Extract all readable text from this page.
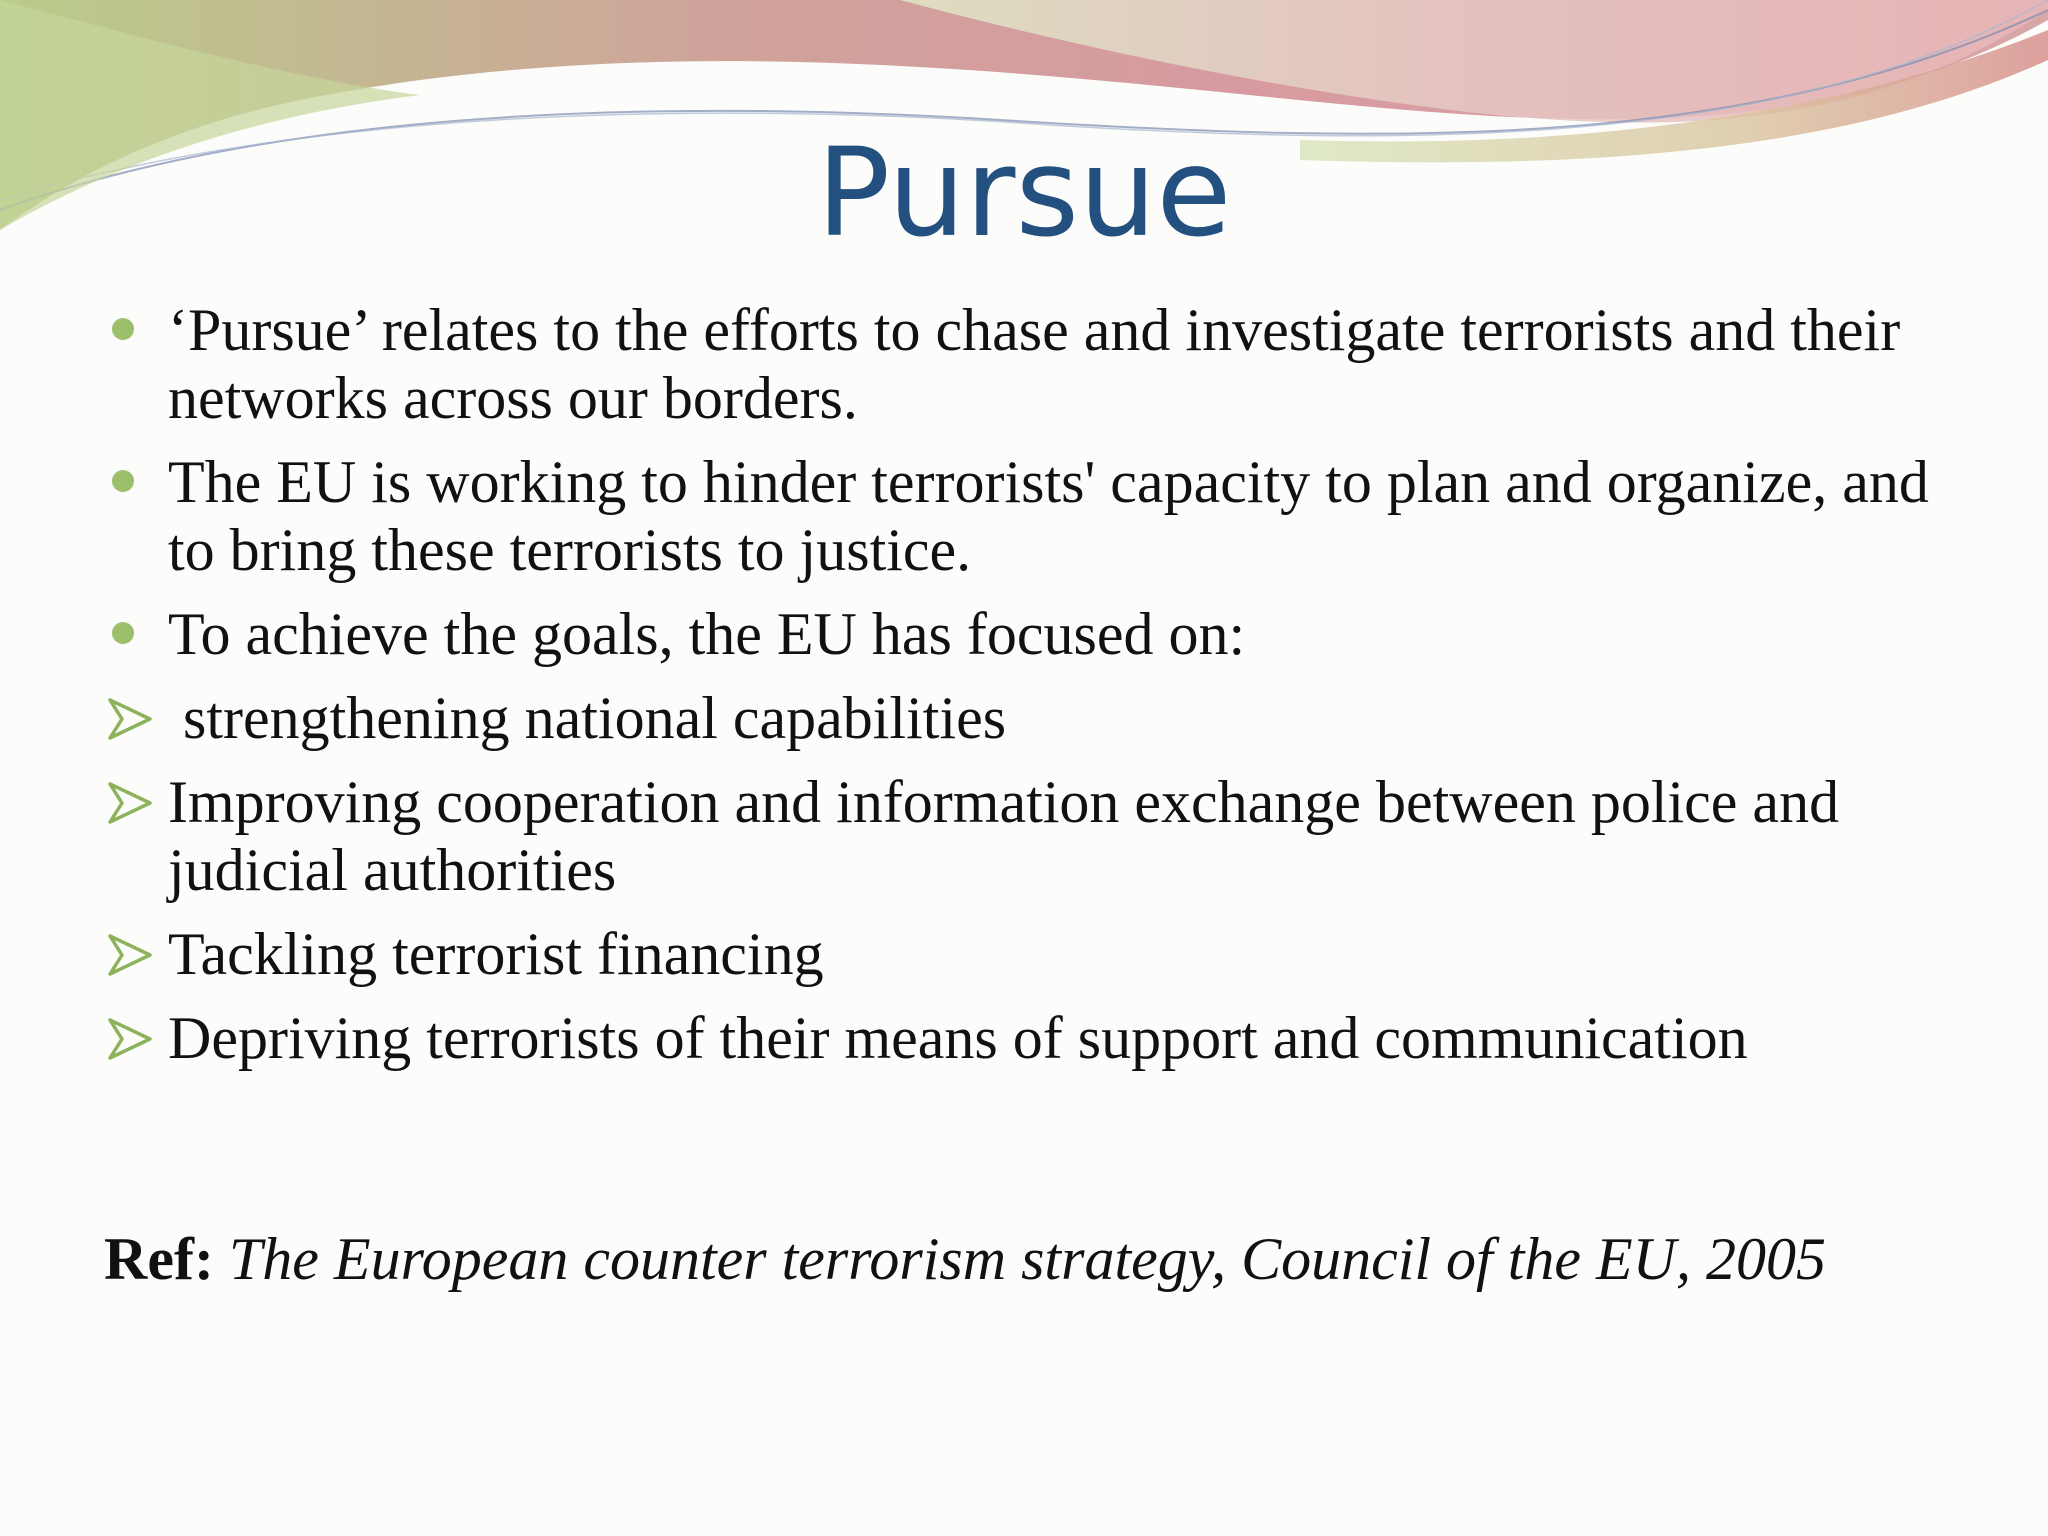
Pursue
‘Pursue’ relates to the efforts to chase and investigate terrorists and their networks across our borders.
The EU is working to hinder terrorists' capacity to plan and organize, and to bring these terrorists to justice.
To achieve the goals, the EU has focused on:
strengthening national capabilities
Improving cooperation and information exchange between police and judicial authorities
Tackling terrorist financing
Depriving terrorists of their means of support and communication
Ref: The European counter terrorism strategy, Council of the EU, 2005
